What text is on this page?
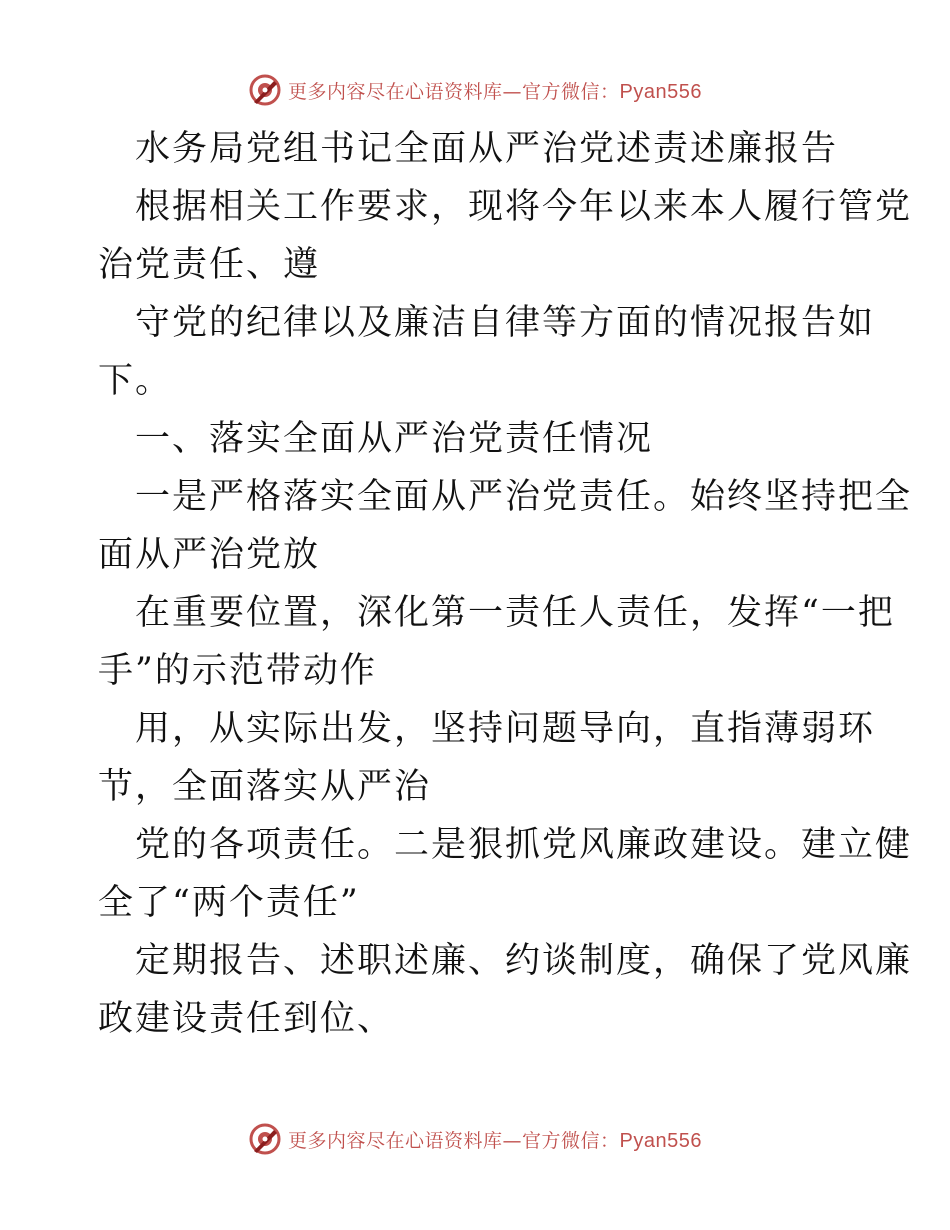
更多内容尽在心语资料库—官方微信：Pyan556
水务局党组书记全面从严治党述责述廉报告
根据相关工作要求，现将今年以来本人履行管党
治党责任、遵
守党的纪律以及廉洁自律等方面的情况报告如
下。
一、落实全面从严治党责任情况
一是严格落实全面从严治党责任。始终坚持把全
面从严治党放
在重要位置，深化第一责任人责任，发挥“一把
手”的示范带动作
用，从实际出发，坚持问题导向，直指薄弱环
节，全面落实从严治
党的各项责任。二是狠抓党风廉政建设。建立健
全了“两个责任”
定期报告、述职述廉、约谈制度，确保了党风廉
政建设责任到位、
更多内容尽在心语资料库—官方微信：Pyan556
